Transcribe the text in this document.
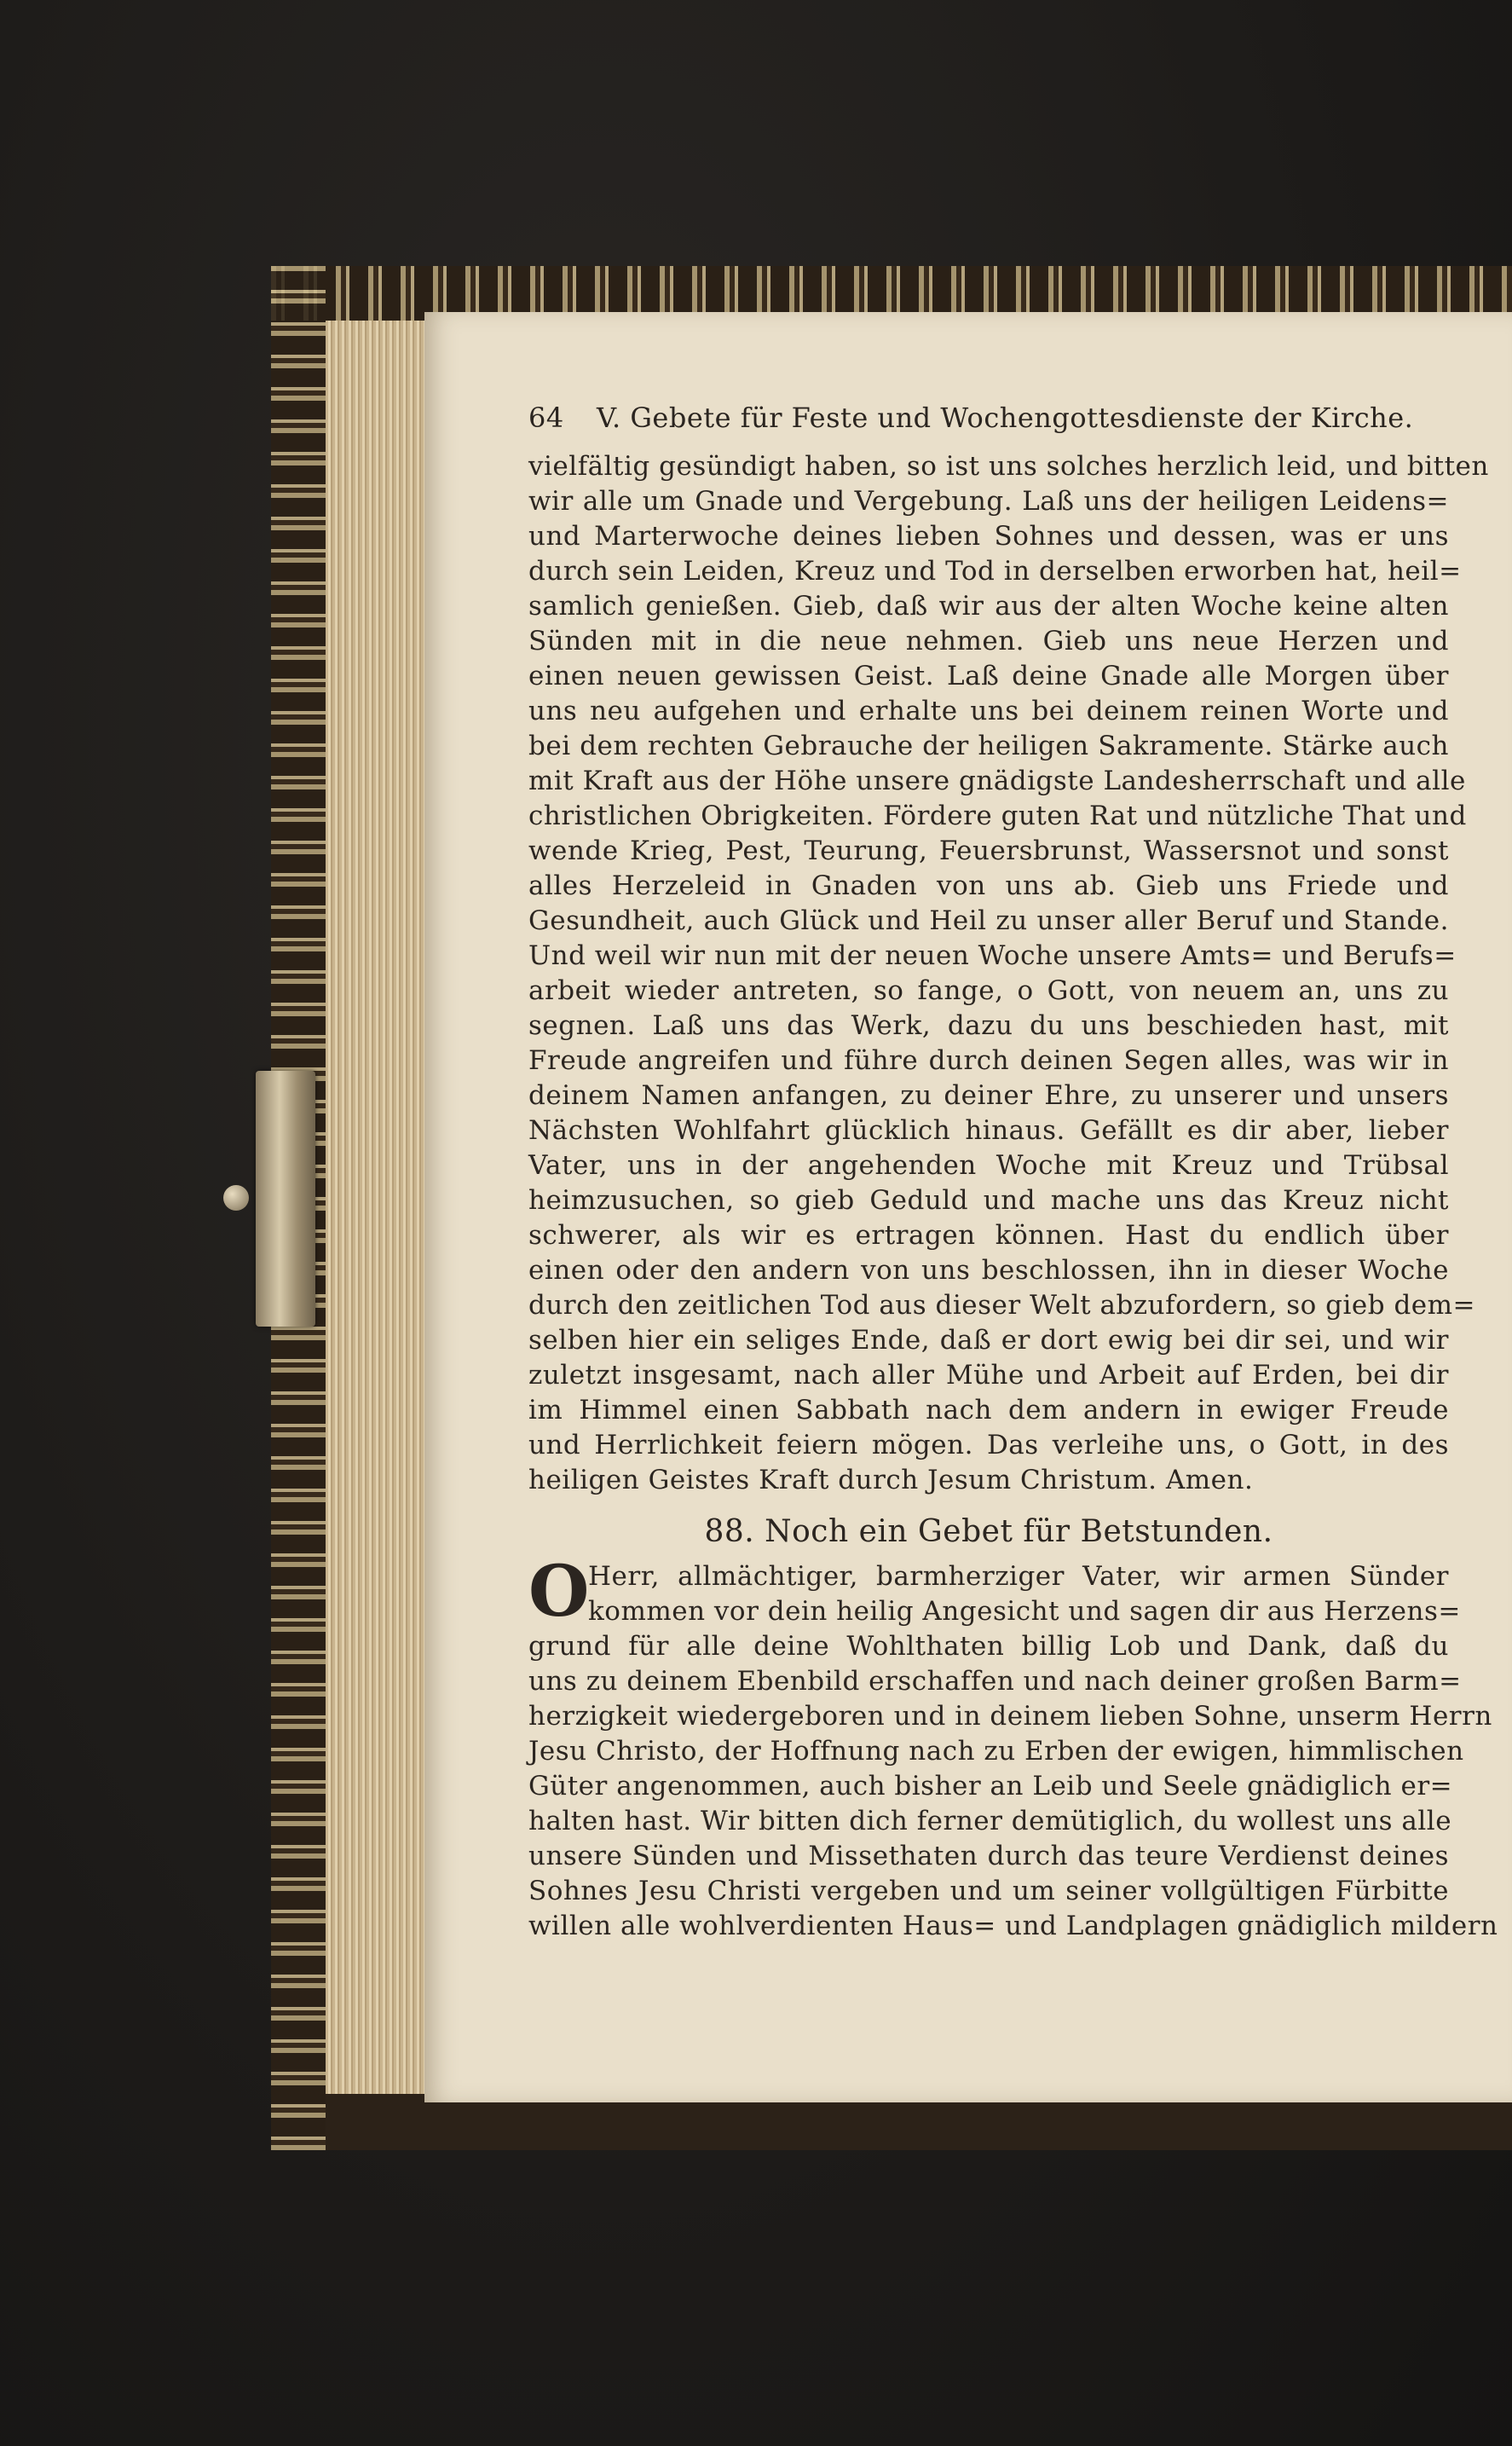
64	V. Gebete für Feste und Wochengottesdienste der Kirche.
vielfältig gesündigt haben, so ist uns solches herzlich leid, und bitten
wir alle um Gnade und Vergebung. Laß uns der heiligen Leidens=
und Marterwoche deines lieben Sohnes und dessen, was er uns
durch sein Leiden, Kreuz und Tod in derselben erworben hat, heil=
samlich genießen. Gieb, daß wir aus der alten Woche keine alten
Sünden mit in die neue nehmen. Gieb uns neue Herzen und
einen neuen gewissen Geist. Laß deine Gnade alle Morgen über
uns neu aufgehen und erhalte uns bei deinem reinen Worte und
bei dem rechten Gebrauche der heiligen Sakramente. Stärke auch
mit Kraft aus der Höhe unsere gnädigste Landesherrschaft und alle
christlichen Obrigkeiten. Fördere guten Rat und nützliche That und
wende Krieg, Pest, Teurung, Feuersbrunst, Wassersnot und sonst
alles Herzeleid in Gnaden von uns ab. Gieb uns Friede und
Gesundheit, auch Glück und Heil zu unser aller Beruf und Stande.
Und weil wir nun mit der neuen Woche unsere Amts= und Berufs=
arbeit wieder antreten, so fange, o Gott, von neuem an, uns zu
segnen. Laß uns das Werk, dazu du uns beschieden hast, mit
Freude angreifen und führe durch deinen Segen alles, was wir in
deinem Namen anfangen, zu deiner Ehre, zu unserer und unsers
Nächsten Wohlfahrt glücklich hinaus. Gefällt es dir aber, lieber
Vater, uns in der angehenden Woche mit Kreuz und Trübsal
heimzusuchen, so gieb Geduld und mache uns das Kreuz nicht
schwerer, als wir es ertragen können. Hast du endlich über
einen oder den andern von uns beschlossen, ihn in dieser Woche
durch den zeitlichen Tod aus dieser Welt abzufordern, so gieb dem=
selben hier ein seliges Ende, daß er dort ewig bei dir sei, und wir
zuletzt insgesamt, nach aller Mühe und Arbeit auf Erden, bei dir
im Himmel einen Sabbath nach dem andern in ewiger Freude
und Herrlichkeit feiern mögen. Das verleihe uns, o Gott, in des
heiligen Geistes Kraft durch Jesum Christum. Amen.
88. Noch ein Gebet für Betstunden.
O
Herr, allmächtiger, barmherziger Vater, wir armen Sünder
kommen vor dein heilig Angesicht und sagen dir aus Herzens=
grund für alle deine Wohlthaten billig Lob und Dank, daß du
uns zu deinem Ebenbild erschaffen und nach deiner großen Barm=
herzigkeit wiedergeboren und in deinem lieben Sohne, unserm Herrn
Jesu Christo, der Hoffnung nach zu Erben der ewigen, himmlischen
Güter angenommen, auch bisher an Leib und Seele gnädiglich er=
halten hast. Wir bitten dich ferner demütiglich, du wollest uns alle
unsere Sünden und Missethaten durch das teure Verdienst deines
Sohnes Jesu Christi vergeben und um seiner vollgültigen Fürbitte
willen alle wohlverdienten Haus= und Landplagen gnädiglich mildern
